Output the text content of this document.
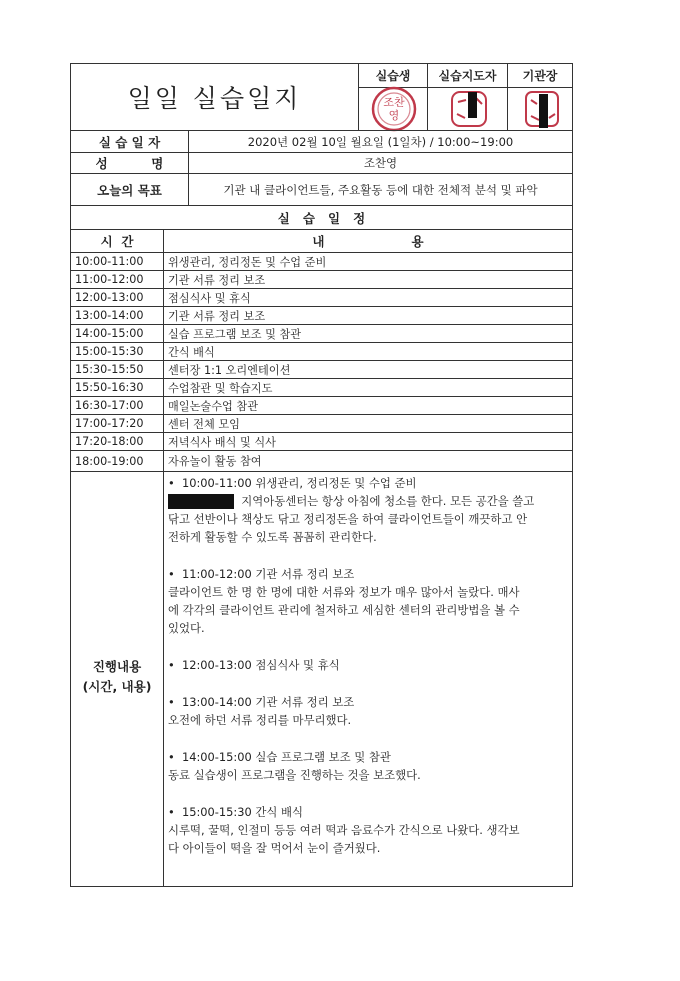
일일 실습일지
실습생	실습지도자	기관장
조찬
영
실 습 일 자	2020년 02월 10일 월요일 (1일차) / 10:00~19:00
성          명	조찬영
오늘의 목표	기관 내 클라이언트들, 주요활동 등에 대한 전체적 분석 및 파악
실   습   일   정
시  간	내                    용
10:00-11:00	위생관리, 정리정돈 및 수업 준비
11:00-12:00	기관 서류 정리 보조
12:00-13:00	점심식사 및 휴식
13:00-14:00	기관 서류 정리 보조
14:00-15:00	실습 프로그램 보조 및 참관
15:00-15:30	간식 배식
15:30-15:50	센터장 1:1 오리엔테이션
15:50-16:30	수업참관 및 학습지도
16:30-17:00	매일논술수업 참관
17:00-17:20	센터 전체 모임
17:20-18:00	저녁식사 배식 및 식사
18:00-19:00	자유놀이 활동 참여
진행내용
(시간, 내용)
• 10:00-11:00 위생관리, 정리정돈 및 수업 준비
지역아동센터는 항상 아침에 청소를 한다. 모든 공간을 쓸고
닦고 선반이나 책상도 닦고 정리정돈을 하여 클라이언트들이 깨끗하고 안
전하게 활동할 수 있도록 꼼꼼히 관리한다.
• 11:00-12:00 기관 서류 정리 보조
클라이언트 한 명 한 명에 대한 서류와 정보가 매우 많아서 놀랐다. 매사
에 각각의 클라이언트 관리에 철저하고 세심한 센터의 관리방법을 볼 수
있었다.
• 12:00-13:00 점심식사 및 휴식
• 13:00-14:00 기관 서류 정리 보조
오전에 하던 서류 정리를 마무리했다.
• 14:00-15:00 실습 프로그램 보조 및 참관
동료 실습생이 프로그램을 진행하는 것을 보조했다.
• 15:00-15:30 간식 배식
시루떡, 꿀떡, 인절미 등등 여러 떡과 음료수가 간식으로 나왔다. 생각보
다 아이들이 떡을 잘 먹어서 눈이 즐거웠다.
